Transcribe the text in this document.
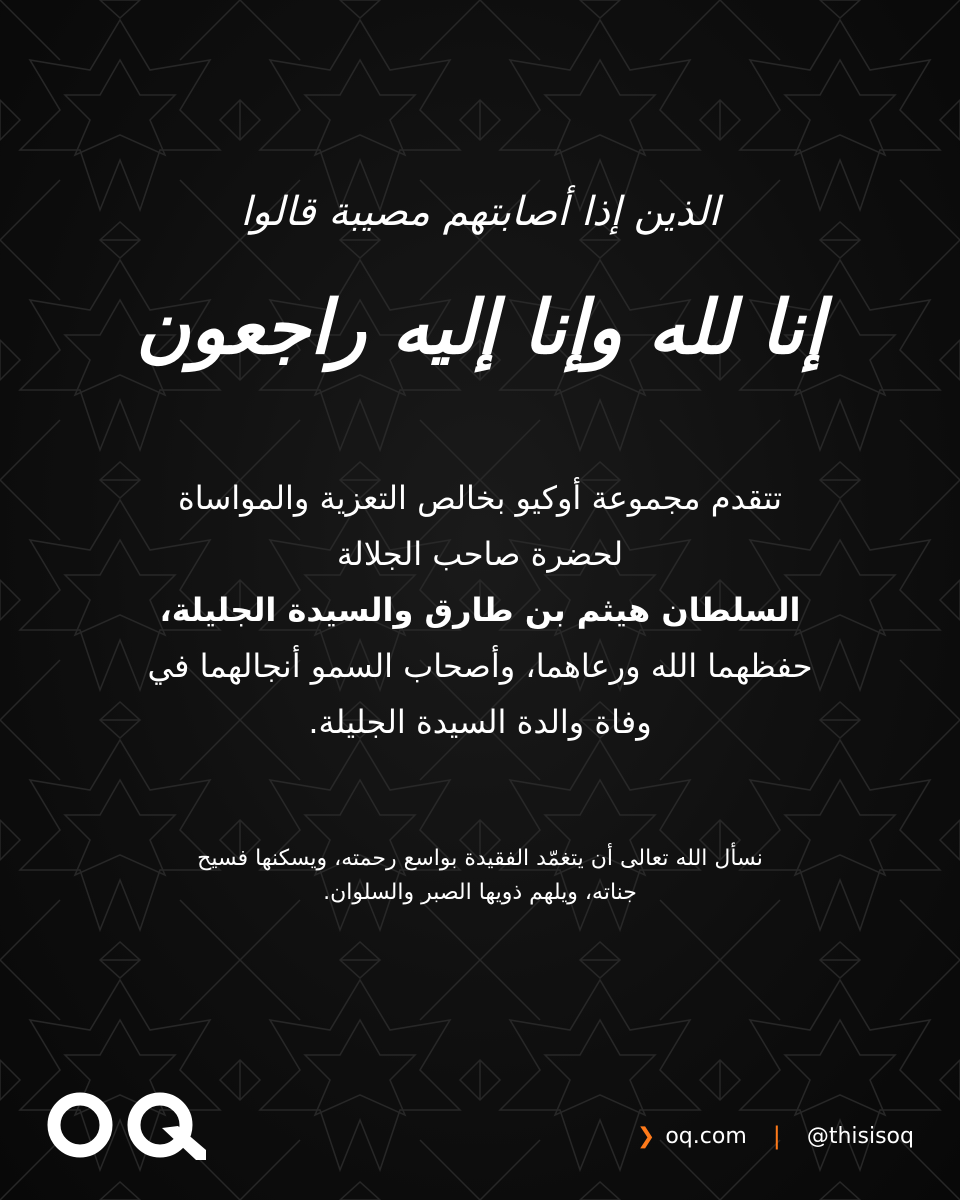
الذين إذا أصابتهم مصيبة قالوا
إنا لله وإنا إليه راجعون
تتقدم مجموعة أوكيو بخالص التعزية والمواساة
لحضرة صاحب الجلالة
السلطان هيثم بن طارق والسيدة الجليلة،
حفظهما الله ورعاهما، وأصحاب السمو أنجالهما في
وفاة والدة السيدة الجليلة.
نسأل الله تعالى أن يتغمّد الفقيدة بواسع رحمته، ويسكنها فسيح
جناته، ويلهم ذويها الصبر والسلوان.
❯ oq.com | @thisisoq
